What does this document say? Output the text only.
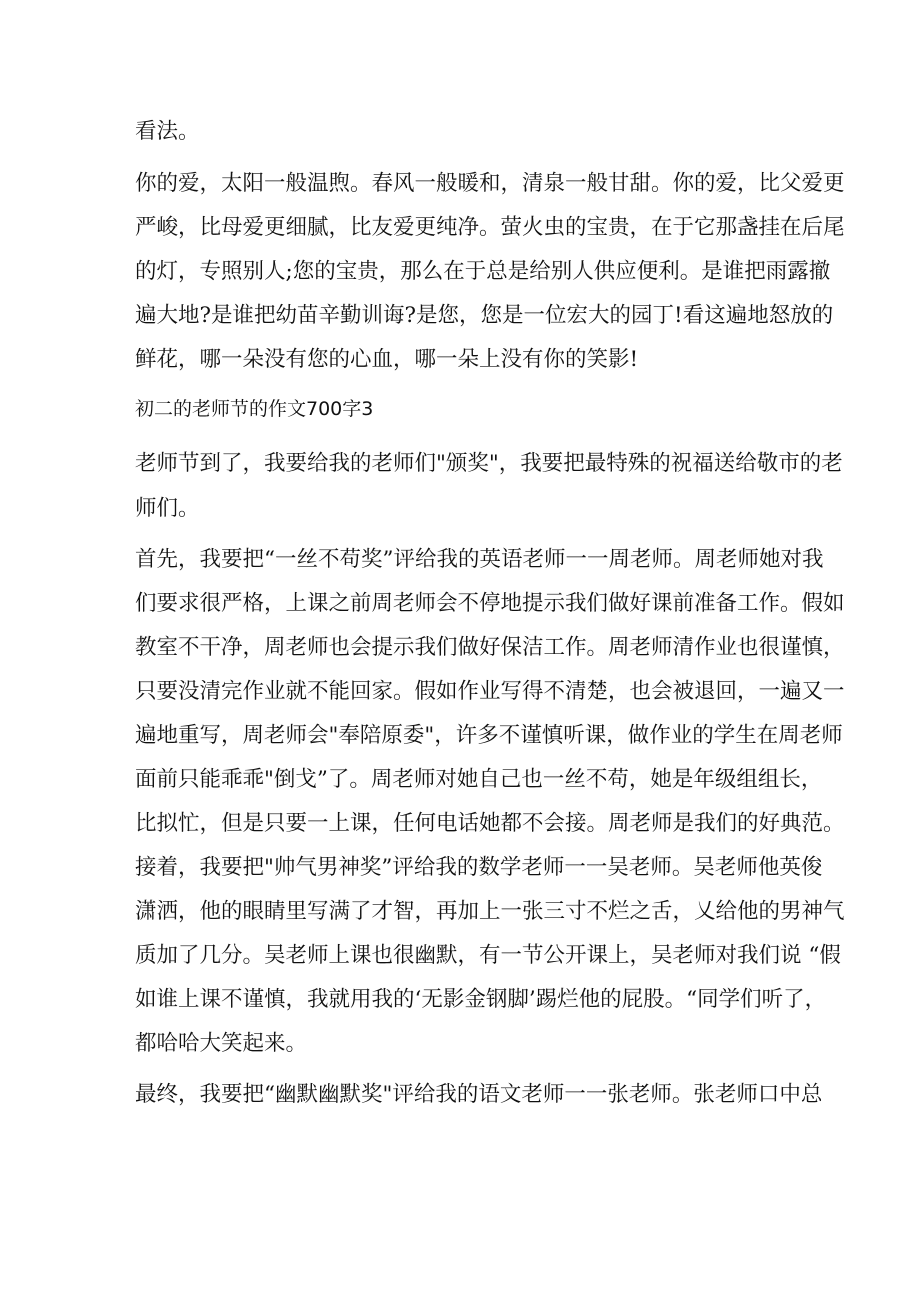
看法。
你的爱，太阳一般温煦。春风一般暖和，清泉一般甘甜。你的爱，比父爱更
严峻，比母爱更细腻，比友爱更纯净。萤火虫的宝贵，在于它那盏挂在后尾
的灯，专照别人;您的宝贵，那么在于总是给别人供应便利。是谁把雨露撤
遍大地?是谁把幼苗辛勤训诲?是您，您是一位宏大的园丁!看这遍地怒放的
鲜花，哪一朵没有您的心血，哪一朵上没有你的笑影!
初二的老师节的作文700字3
老师节到了，我要给我的老师们"颁奖"，我要把最特殊的祝福送给敬市的老
师们。
首先，我要把“一丝不苟奖”评给我的英语老师一一周老师。周老师她对我
们要求很严格，上课之前周老师会不停地提示我们做好课前准备工作。假如
教室不干净，周老师也会提示我们做好保洁工作。周老师清作业也很谨慎，
只要没清完作业就不能回家。假如作业写得不清楚，也会被退回，一遍又一
遍地重写，周老师会"奉陪原委"，许多不谨慎听课，做作业的学生在周老师
面前只能乖乖"倒戈”了。周老师对她自己也一丝不苟，她是年级组组长，
比拟忙，但是只要一上课，任何电话她都不会接。周老师是我们的好典范。
接着，我要把"帅气男神奖”评给我的数学老师一一吴老师。吴老师他英俊
潇洒，他的眼睛里写满了才智，再加上一张三寸不烂之舌，乂给他的男神气
质加了几分。吴老师上课也很幽默，有一节公开课上，吴老师对我们说 “假
如谁上课不谨慎，我就用我的‘无影金钢脚’踢烂他的屁股。“同学们听了，
都哈哈大笑起来。
最终，我要把“幽默幽默奖"评给我的语文老师一一张老师。张老师口中总
